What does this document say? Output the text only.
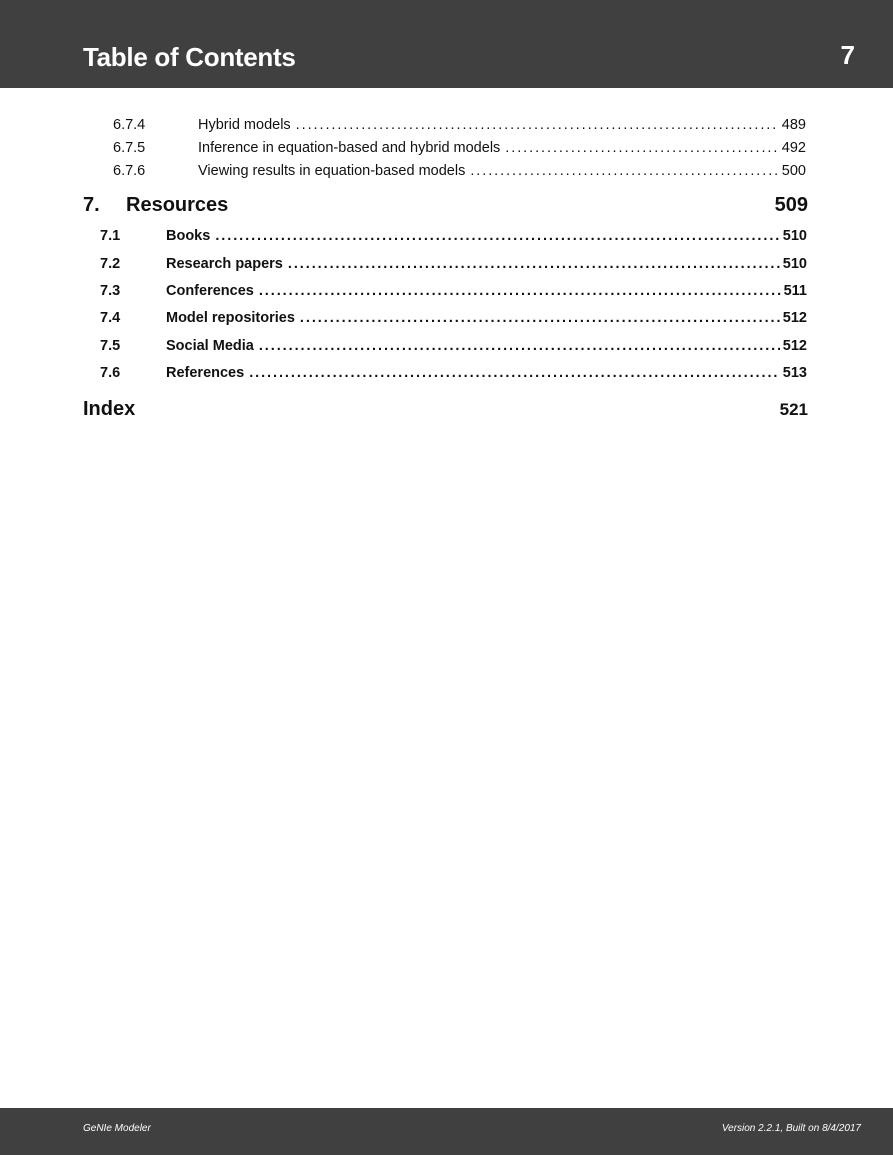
Table of Contents	7
6.7.4	Hybrid models . . .	489
6.7.5	Inference in equation-based and hybrid models . . .	492
6.7.6	Viewing results in equation-based models . . .	500
7. Resources	509
7.1	Books . . .	510
7.2	Research papers . . .	510
7.3	Conferences . . .	511
7.4	Model repositories . . .	512
7.5	Social Media . . .	512
7.6	References . . .	513
Index	521
GeNIe Modeler	Version 2.2.1, Built on 8/4/2017
